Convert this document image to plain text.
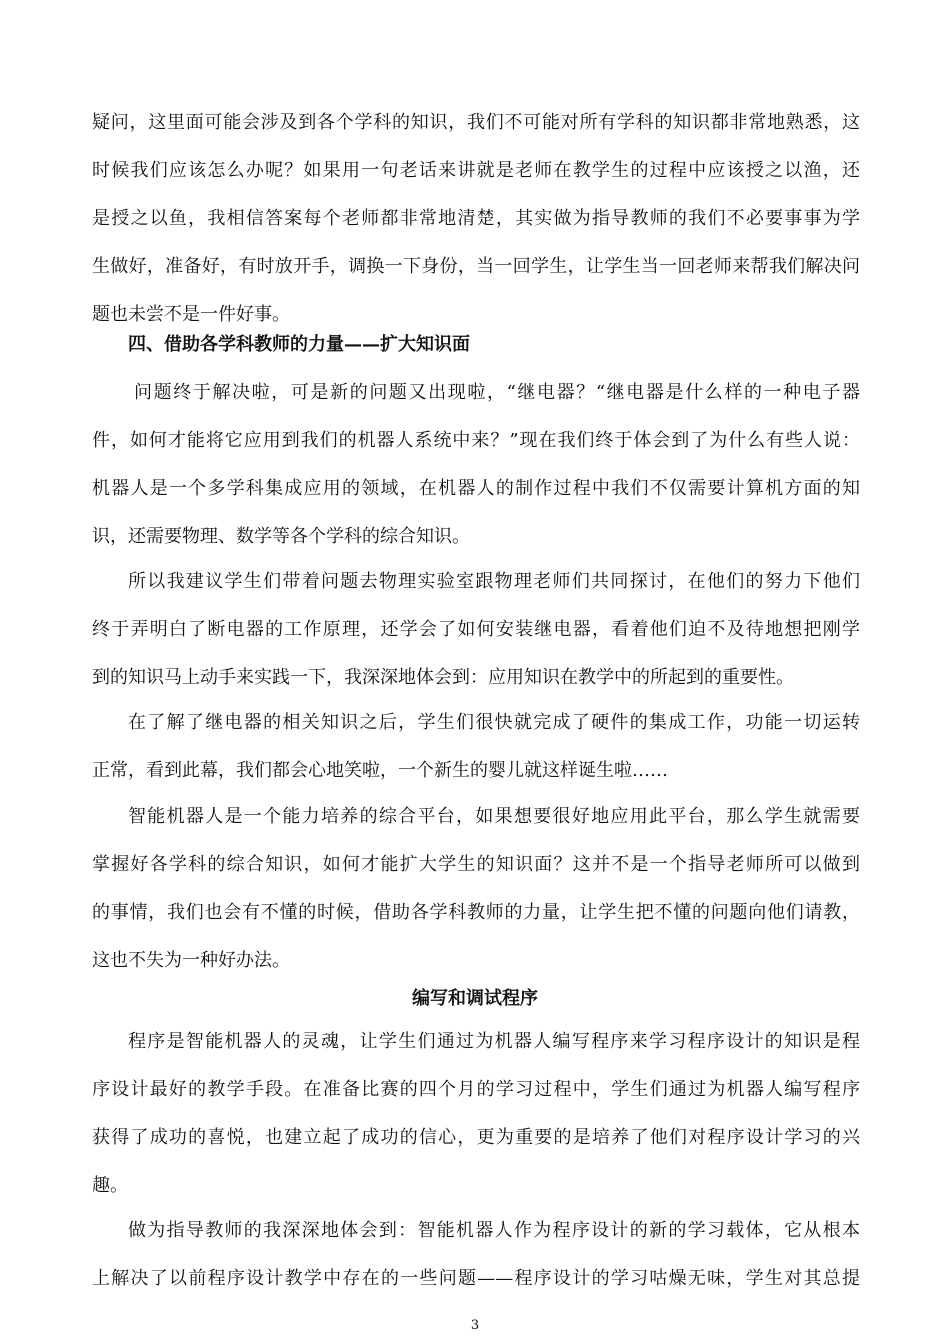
疑问，这里面可能会涉及到各个学科的知识，我们不可能对所有学科的知识都非常地熟悉，这
时候我们应该怎么办呢？如果用一句老话来讲就是老师在教学生的过程中应该授之以渔，还
是授之以鱼，我相信答案每个老师都非常地清楚，其实做为指导教师的我们不必要事事为学
生做好，准备好，有时放开手，调换一下身份，当一回学生，让学生当一回老师来帮我们解决问
题也未尝不是一件好事。
四、借助各学科教师的力量——扩大知识面
问题终于解决啦，可是新的问题又出现啦，“继电器？“继电器是什么样的一种电子器
件，如何才能将它应用到我们的机器人系统中来？”现在我们终于体会到了为什么有些人说：
机器人是一个多学科集成应用的领域，在机器人的制作过程中我们不仅需要计算机方面的知
识，还需要物理、数学等各个学科的综合知识。
所以我建议学生们带着问题去物理实验室跟物理老师们共同探讨，在他们的努力下他们
终于弄明白了断电器的工作原理，还学会了如何安装继电器，看着他们迫不及待地想把刚学
到的知识马上动手来实践一下，我深深地体会到：应用知识在教学中的所起到的重要性。
在了解了继电器的相关知识之后，学生们很快就完成了硬件的集成工作，功能一切运转
正常，看到此幕，我们都会心地笑啦，一个新生的婴儿就这样诞生啦……
智能机器人是一个能力培养的综合平台，如果想要很好地应用此平台，那么学生就需要
掌握好各学科的综合知识，如何才能扩大学生的知识面？这并不是一个指导老师所可以做到
的事情，我们也会有不懂的时候，借助各学科教师的力量，让学生把不懂的问题向他们请教，
这也不失为一种好办法。
编写和调试程序
程序是智能机器人的灵魂，让学生们通过为机器人编写程序来学习程序设计的知识是程
序设计最好的教学手段。在准备比赛的四个月的学习过程中，学生们通过为机器人编写程序
获得了成功的喜悦，也建立起了成功的信心，更为重要的是培养了他们对程序设计学习的兴
趣。
做为指导教师的我深深地体会到：智能机器人作为程序设计的新的学习载体，它从根本
3
上解决了以前程序设计教学中存在的一些问题——程序设计的学习咕燥无味，学生对其总提
